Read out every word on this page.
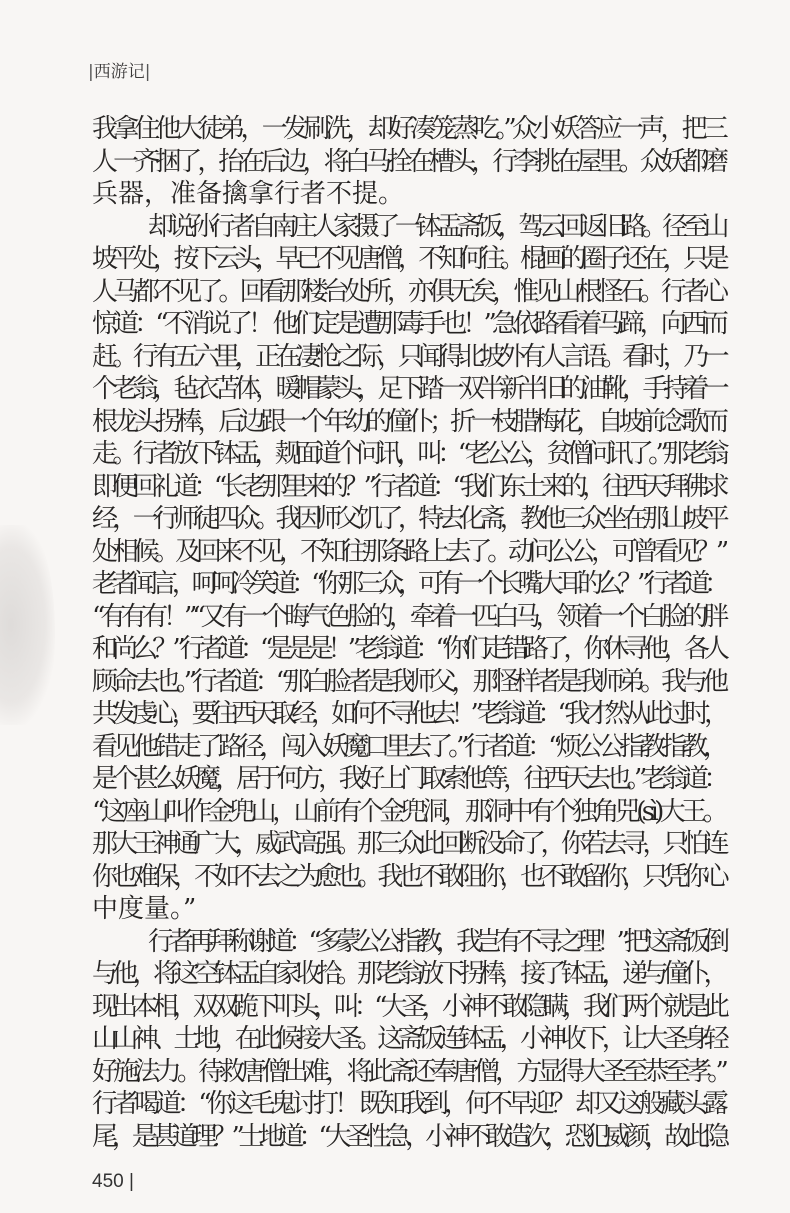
|西游记|
我拿住他大徒弟，一发刷洗，却好凑笼蒸吃。”众小妖答应一声，把三
人一齐捆了，抬在后边，将白马拴在槽头，行李挑在屋里。众妖都磨
兵器，准备擒拿行者不提。
却说孙行者自南庄人家摄了一钵盂斋饭，驾云回返旧路。径至山
坡平处，按下云头，早已不见唐僧，不知何往。棍画的圈子还在，只是
人马都不见了。回看那楼台处所，亦俱无矣，惟见山根怪石。行者心
惊道：“不消说了！ 他们定是遭那毒手也！”急依路看着马蹄，向西而
赶。行有五六里，正在凄怆之际，只闻得北坡外有人言语。看时，乃一
个老翁，毡衣苫体，暖帽蒙头，足下踏一双半新半旧的油靴，手持着一
根龙头拐棒，后边跟一个年幼的僮仆；折一枝腊梅花，自坡前念歌而
走。行者放下钵盂，觌面道个问讯，叫：“老公公，贫僧问讯了。”那老翁
即便回礼道：“长老那里来的？”行者道：“我们东土来的，往西天拜佛求
经，一行师徒四众。我因师父饥了，特去化斋，教他三众坐在那山坡平
处相候。及回来不见，不知往那条路上去了。动问公公，可曾看见？”
老者闻言，呵呵冷笑道：“你那三众，可有一个长嘴大耳的么？”行者道：
“有有有！”“又有一个晦气色脸的，牵着一匹白马，领着一个白脸的胖
和尚么？”行者道：“是是是！”老翁道：“你们走错路了，你休寻他，各人
顾命去也。”行者道：“那白脸者是我师父，那怪样者是我师弟。我与他
共发虔心，要往西天取经，如何不寻他去！”老翁道：“我才然从此过时，
看见他错走了路径，闯入妖魔口里去了。”行者道：“烦公公指教指教，
是个甚么妖魔，居于何方，我好上门取索他等，往西天去也。”老翁道：
“这座山叫作金兜山，山前有个金兜洞，那洞中有个独角兕(sì)大王。
那大王神通广大，威武高强。那三众此回断没命了，你若去寻，只怕连
你也难保，不如不去之为愈也。我也不敢阻你，也不敢留你，只凭你心
中度量。”
行者再拜称谢道：“多蒙公公指教，我岂有不寻之理！”把这斋饭倒
与他，将这空钵盂自家收拾。那老翁放下拐棒，接了钵盂，递与僮仆，
现出本相，双双跪下叩头，叫：“大圣，小神不敢隐瞒，我们两个就是此
山山神、土地，在此候接大圣。这斋饭连钵盂，小神收下，让大圣身轻
好施法力。待救唐僧出难，将此斋还奉唐僧，方显得大圣至恭至孝。”
行者喝道：“你这毛鬼讨打！ 既知我到，何不早迎？ 却又这般藏头露
尾，是甚道理？”土地道：“大圣性急，小神不敢造次，恐犯威颜，故此隐
450 |
